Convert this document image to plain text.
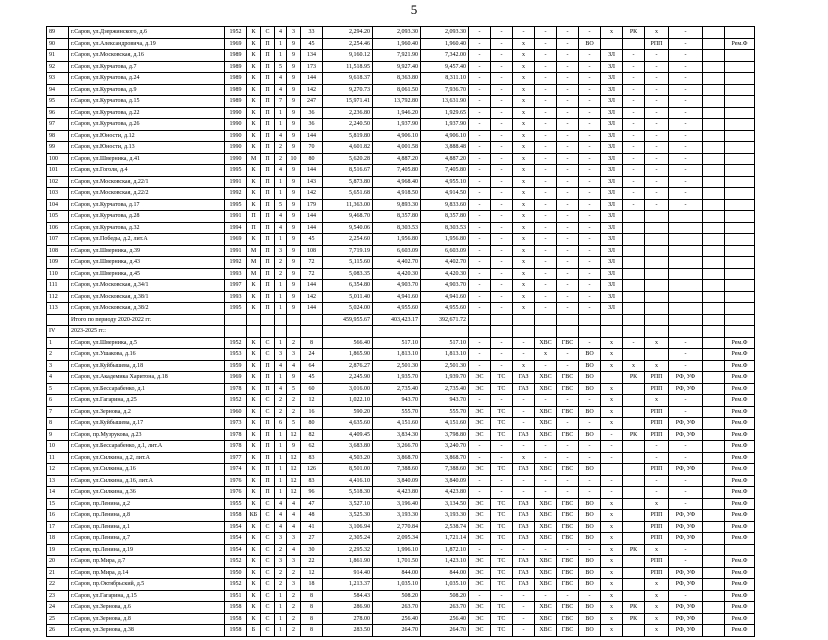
5
89	г.Саров, ул.Дзержинского, д.6	1952	К	С	4	3	33	2,294.20	2,093.30	2,093.30	-	-	-	-	-	-	х	РК	х	-		
90	г.Саров, ул.Александровича, д.19	1969	К	П	1	9	45	2,254.46	1,960.40	1,960.40	-	-	х	-	-	ВО			РПП	-		Рем.Ф
91	г.Саров, ул.Московская, д.16	1989	К	П	1	9	134	9,160.12	7,921.90	7,342.00	-	-	х	-	-	-	ЗЛ	-	-	-		
92	г.Саров, ул.Курчатова, д.7	1989	К	П	5	9	173	11,518.95	9,927.40	9,457.40	-	-	х	-	-	-	ЗЛ	-	-	-		
93	г.Саров, ул.Курчатова, д.24	1989	К	П	4	9	144	9,618.37	8,363.80	8,311.10	-	-	х	-	-	-	ЗЛ	-	-	-		
94	г.Саров, ул.Курчатова, д.9	1989	К	П	4	9	142	9,270.73	8,061.50	7,936.70	-	-	х	-	-	-	ЗЛ	-	-	-		
95	г.Саров, ул.Курчатова, д.15	1989	К	П	7	9	247	15,971.41	13,792.80	13,631.90	-	-	х	-	-	-	ЗЛ	-	-	-		
96	г.Саров, ул.Курчатова, д.22	1990	К	П	1	9	36	2,236.80	1,946.20	1,929.65	-	-	х	-	-	-	ЗЛ	-	-	-		
97	г.Саров, ул.Курчатова, д.26	1990	К	П	1	9	36	2,240.50	1,937.90	1,937.90	-	-	х	-	-	-	ЗЛ	-	-	-		
98	г.Саров, ул.Юности, д.12	1990	К	П	4	9	144	5,819.80	4,906.10	4,906.10	-	-	х	-	-	-	ЗЛ	-	-	-		
99	г.Саров, ул.Юности, д.13	1990	К	П	2	9	70	4,601.82	4,001.58	3,888.48	-	-	х	-	-	-	ЗЛ	-	-	-		
100	г.Саров, ул.Шверника, д.41	1990	М	П	2	10	80	5,620.28	4,887.20	4,887.20	-	-	х	-	-	-	ЗЛ	-	-	-		
101	г.Саров, ул.Гоголя, д.4	1995	К	П	4	9	144	8,516.67	7,405.80	7,405.80	-	-	х	-	-	-	ЗЛ	-	-	-		
102	г.Саров, ул.Московская, д.22/1	1991	К	П	1	9	143	5,873.80	4,968.40	4,955.10	-	-	х	-	-	-	ЗЛ	-	-	-		
103	г.Саров, ул.Московская, д.22/2	1992	К	П	1	9	142	5,651.68	4,918.50	4,914.50	-	-	х	-	-	-	ЗЛ	-	-	-		
104	г.Саров, ул.Курчатова, д.17	1995	К	П	5	9	179	11,363.00	9,893.30	9,833.60	-	-	х	-	-	-	ЗЛ	-	-	-		
105	г.Саров, ул.Курчатова, д.28	1991	П	П	4	9	144	9,468.70	8,357.80	8,357.80	-	-	х	-	-	-	ЗЛ					
106	г.Саров, ул.Курчатова, д.32	1994	П	П	4	9	144	9,540.06	8,303.53	8,303.53	-	-	х	-	-	-	ЗЛ					
107	г.Саров, ул.Победы, д.2, лит.А	1969	К	П	1	9	45	2,254.60	1,956.80	1,956.80	-	-	х	-	-	-	ЗЛ					
108	г.Саров, ул.Шверника, д.39	1991	М	П	3	9	108	7,719.19	6,603.09	6,603.09	-	-	х	-	-	-	ЗЛ					
109	г.Саров, ул.Шверника, д.43	1992	М	П	2	9	72	5,115.60	4,402.70	4,402.70	-	-	х	-	-	-	ЗЛ					
110	г.Саров, ул.Шверника, д.45	1993	М	П	2	9	72	5,083.35	4,420.30	4,420.30	-	-	х	-	-	-	ЗЛ					
111	г.Саров, ул.Московская, д.34/1	1997	К	П	1	9	144	6,354.80	4,903.70	4,903.70	-	-	х	-	-	-	ЗЛ					
112	г.Саров, ул.Московская, д.38/1	1993	К	П	1	9	142	5,011.40	4,941.60	4,941.60	-	-	х	-	-	-	ЗЛ					
113	г.Саров, ул.Московская, д.38/2	1995	К	П	1	9	144	5,024.00	4,955.60	4,955.60	-	-	х	-	-	-	ЗЛ					
	Итого по периоду 2020-2022 гг.							459,955.67	403,423.17	392,671.72												
IV	2023-2025 гг.:																					
1	г.Саров, ул.Шверника, д.5	1952	К	С	1	2	8	566.40	517.10	517.10	-	-	-	ХВС	ГВС	-	х	-	х	-		Рем.Ф
2	г.Саров, ул.Ушакова, д.16	1953	К	С	3	3	24	1,865.90	1,813.10	1,813.10	-	-	-	х	-	ВО	х			-		Рем.Ф
3	г.Саров, ул.Куйбышева, д.18	1959	К	П	4	4	64	2,876.27	2,501.30	2,501.30	-	-	х	-	-	ВО	х	х	х	-		Рем.Ф
4	г.Саров, ул.Академика Харитона, д.18	1969	К	П	1	9	45	2,245.90	1,935.70	1,939.70	ЭС	ТС	ГАЗ	ХВС	ГВС	ВО		РК	РПП	РФ, УФ		Рем.Ф
5	г.Саров, ул.Бессарабенко, д.1	1978	К	П	4	5	60	3,016.00	2,735.40	2,735.40	ЭС	ТС	ГАЗ	ХВС	ГВС	ВО	х		РПП	РФ, УФ		Рем.Ф
6	г.Саров, ул.Гагарина, д.25	1952	К	С	2	2	12	1,022.10	943.70	943.70	-	-	-	-	-	-	х		х	-		Рем.Ф
7	г.Саров, ул.Зернова, д.2	1960	К	С	2	2	16	590.20	555.70	555.70	ЭС	ТС	-	ХВС	ГВС	ВО	х		РПП	-		Рем.Ф
8	г.Саров, ул.Куйбышева, д.17	1973	К	П	6	5	80	4,635.60	4,151.60	4,151.60	ЭС	ТС	-	ХВС	-	-	х		РПП	РФ, УФ		Рем.Ф
9	г.Саров, пр.Музрукова, д.23	1978	К	П	1	12	82	4,409.45	3,834.30	3,798.80	ЭС	ТС	ГАЗ	ХВС	ГВС	ВО	-	РК	РПП	РФ, УФ		Рем.Ф
10	г.Саров, ул.Бессарабенко, д.1, лит.А	1978	К	П	1	9	62	3,683.80	3,266.70	3,240.70	-	-	-	-	-	-	-		-	-		Рем.Ф
11	г.Саров, ул.Силкина, д.2, лит.А	1977	К	П	1	12	83	4,503.20	3,868.70	3,868.70	-	-	х	-	-	-	-		-	-		Рем.Ф
12	г.Саров, ул.Силкина, д.16	1974	К	П	1	12	126	8,501.00	7,388.60	7,388.60	ЭС	ТС	ГАЗ	ХВС	ГВС	ВО			РПП	РФ, УФ		Рем.Ф
13	г.Саров, ул.Силкина, д.16, лит.А	1976	К	П	1	12	83	4,416.10	3,840.09	3,840.09	-	-	-	-	-	-	-		-	-		Рем.Ф
14	г.Саров, ул.Силкина, д.36	1976	К	П	1	12	96	5,518.30	4,423.80	4,423.80	-	-	-	-	-	-	-		-	-		Рем.Ф
15	г.Саров, пр.Ленина, д.2	1955	К	С	4	4	47	3,527.10	3,196.40	3,134.50	ЭС	ТС	ГАЗ	ХВС	ГВС	ВО	х		х	-		Рем.Ф
16	г.Саров, пр.Ленина, д.8	1958	КБ	С	4	4	48	3,525.30	3,193.30	3,193.30	ЭС	ТС	ГАЗ	ХВС	ГВС	ВО	х		РПП	РФ, УФ		Рем.Ф
17	г.Саров, пр.Ленина, д.1	1954	К	С	4	4	41	3,106.94	2,770.84	2,538.74	ЭС	ТС	ГАЗ	ХВС	ГВС	ВО	х		РПП	РФ, УФ		Рем.Ф
18	г.Саров, пр.Ленина, д.7	1954	К	С	3	3	27	2,305.24	2,095.34	1,721.14	ЭС	ТС	ГАЗ	ХВС	ГВС	ВО	х		РПП	РФ, УФ		Рем.Ф
19	г.Саров, пр.Ленина, д.19	1954	К	С	2	4	30	2,295.32	1,996.10	1,872.10	-	-	-	-	-	-	х	РК	х	-		
20	г.Саров, пр.Мира, д.7	1952	К	С	3	3	22	1,861.90	1,701.50	1,423.10	ЭС	ТС	ГАЗ	ХВС	ГВС	ВО	х		РПП	-		Рем.Ф
21	г.Саров, пр.Мира, д.14	1950	К	С	2	2	12	914.40	844.00	844.00	ЭС	ТС	ГАЗ	ХВС	ГВС	ВО	х		РПП	РФ, УФ		Рем.Ф
22	г.Саров, пр.Октябрьский, д.5	1952	К	С	2	3	18	1,213.37	1,035.10	1,035.10	ЭС	ТС	ГАЗ	ХВС	ГВС	ВО	х		х	РФ, УФ		Рем.Ф
23	г.Саров, ул.Гагарина, д.15	1951	К	С	1	2	8	584.43	508.20	508.20	-	-	-	-	-	-	х		х	-		Рем.Ф
24	г.Саров, ул.Зернова, д.6	1958	К	С	1	2	8	286.90	263.70	263.70	ЭС	ТС	-	ХВС	ГВС	ВО	х	РК	х	РФ, УФ		Рем.Ф
25	г.Саров, ул.Зернова, д.8	1958	К	С	1	2	8	278.00	256.40	256.40	ЭС	ТС	-	ХВС	ГВС	ВО	х	РК	х	РФ, УФ		Рем.Ф
26	г.Саров, ул.Зернова, д.38	1958	Б	С	1	2	8	283.50	264.70	264.70	ЭС	ТС	-	ХВС	ГВС	ВО	х		х	РФ, УФ		Рем.Ф
